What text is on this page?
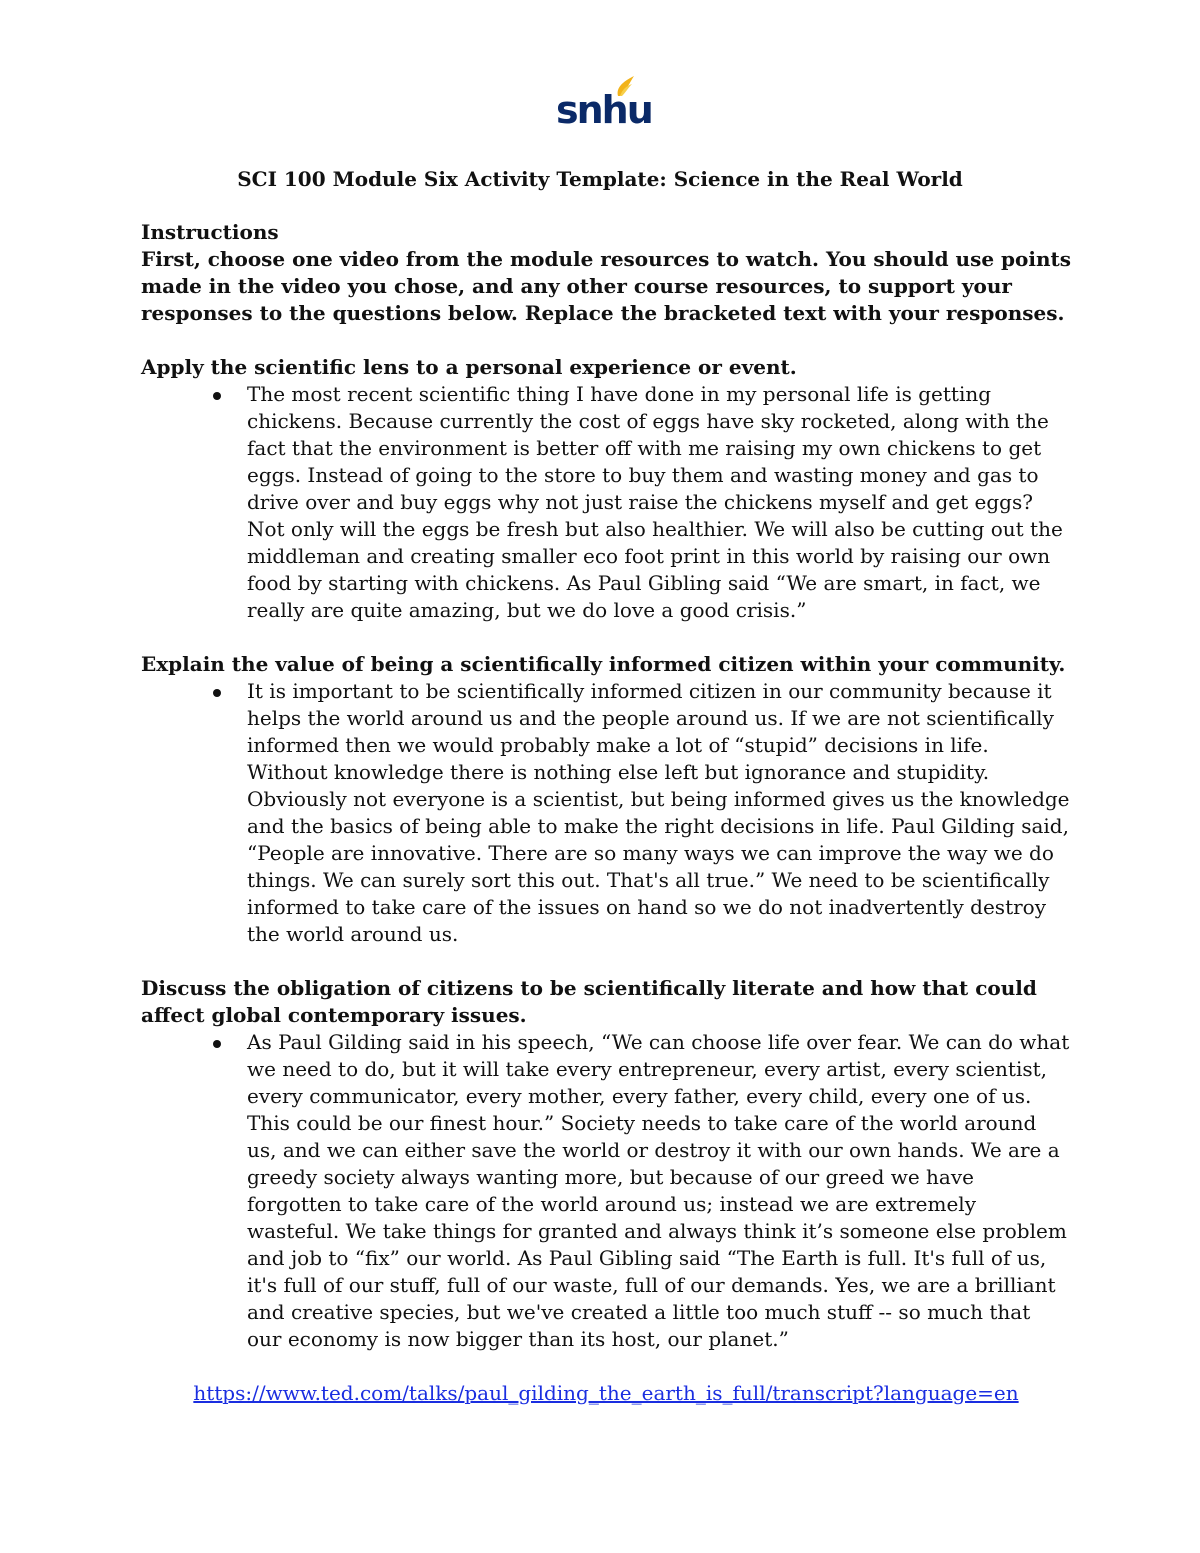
snhu
SCI 100 Module Six Activity Template: Science in the Real World

Instructions

First, choose one video from the module resources to watch. You should use points made in the video you chose, and any other course resources, to support your responses to the questions below. Replace the bracketed text with your responses.

Apply the scientific lens to a personal experience or event.

The most recent scientific thing I have done in my personal life is getting chickens. Because currently the cost of eggs have sky rocketed, along with the fact that the environment is better off with me raising my own chickens to get eggs. Instead of going to the store to buy them and wasting money and gas to drive over and buy eggs why not just raise the chickens myself and get eggs? Not only will the eggs be fresh but also healthier. We will also be cutting out the middleman and creating smaller eco foot print in this world by raising our own food by starting with chickens. As Paul Gibling said “We are smart, in fact, we really are quite amazing, but we do love a good crisis.”

Explain the value of being a scientifically informed citizen within your community.

It is important to be scientifically informed citizen in our community because it helps the world around us and the people around us. If we are not scientifically informed then we would probably make a lot of “stupid” decisions in life. Without knowledge there is nothing else left but ignorance and stupidity. Obviously not everyone is a scientist, but being informed gives us the knowledge and the basics of being able to make the right decisions in life. Paul Gilding said, “People are innovative. There are so many ways we can improve the way we do things. We can surely sort this out. That's all true.” We need to be scientifically informed to take care of the issues on hand so we do not inadvertently destroy the world around us.

Discuss the obligation of citizens to be scientifically literate and how that could affect global contemporary issues.

As Paul Gilding said in his speech, “We can choose life over fear. We can do what we need to do, but it will take every entrepreneur, every artist, every scientist, every communicator, every mother, every father, every child, every one of us. This could be our finest hour.” Society needs to take care of the world around us, and we can either save the world or destroy it with our own hands. We are a greedy society always wanting more, but because of our greed we have forgotten to take care of the world around us; instead we are extremely wasteful. We take things for granted and always think it’s someone else problem and job to “fix” our world. As Paul Gibling said “The Earth is full. It's full of us, it's full of our stuff, full of our waste, full of our demands. Yes, we are a brilliant and creative species, but we've created a little too much stuff -- so much that our economy is now bigger than its host, our planet.”
https://www.ted.com/talks/paul_gilding_the_earth_is_full/transcript?language=en
